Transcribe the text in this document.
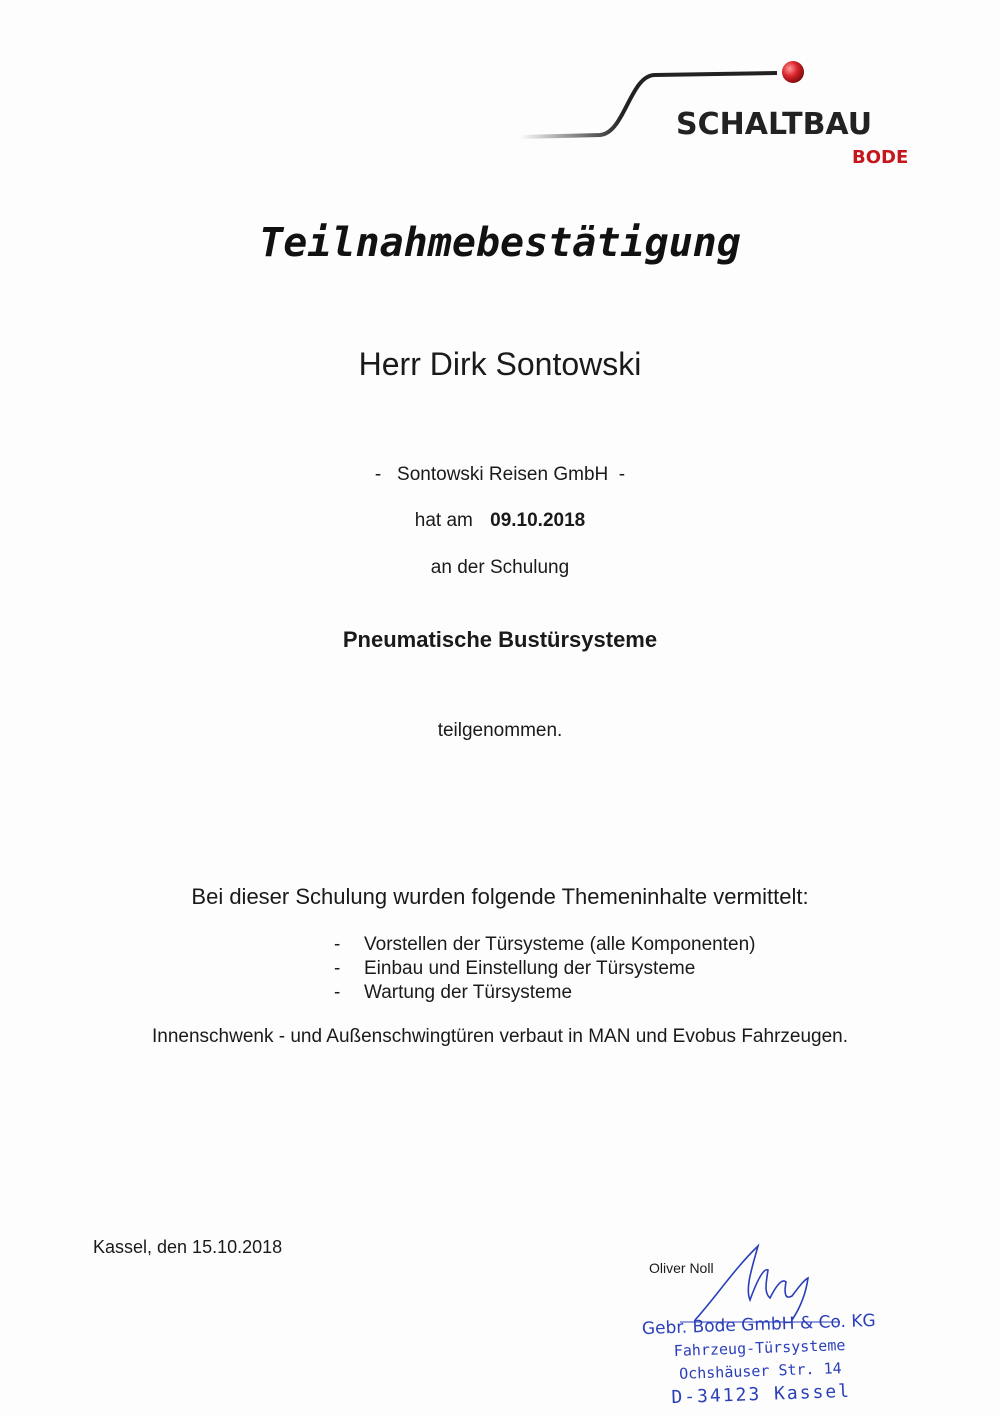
SCHALTBAU
BODE
Teilnahmebestätigung
Herr Dirk Sontowski
-   Sontowski Reisen GmbH  -
hat am 09.10.2018
an der Schulung
Pneumatische Bustürsysteme
teilgenommen.
Bei dieser Schulung wurden folgende Themeninhalte vermittelt:
- Vorstellen der Türsysteme (alle Komponenten)
- Einbau und Einstellung der Türsysteme
- Wartung der Türsysteme
Innenschwenk - und Außenschwingtüren verbaut in MAN und Evobus Fahrzeugen.
Kassel, den 15.10.2018
Oliver Noll
Gebr. Bode GmbH & Co. KG
Fahrzeug-Türsysteme
Ochshäuser Str. 14
D-34123 Kassel
